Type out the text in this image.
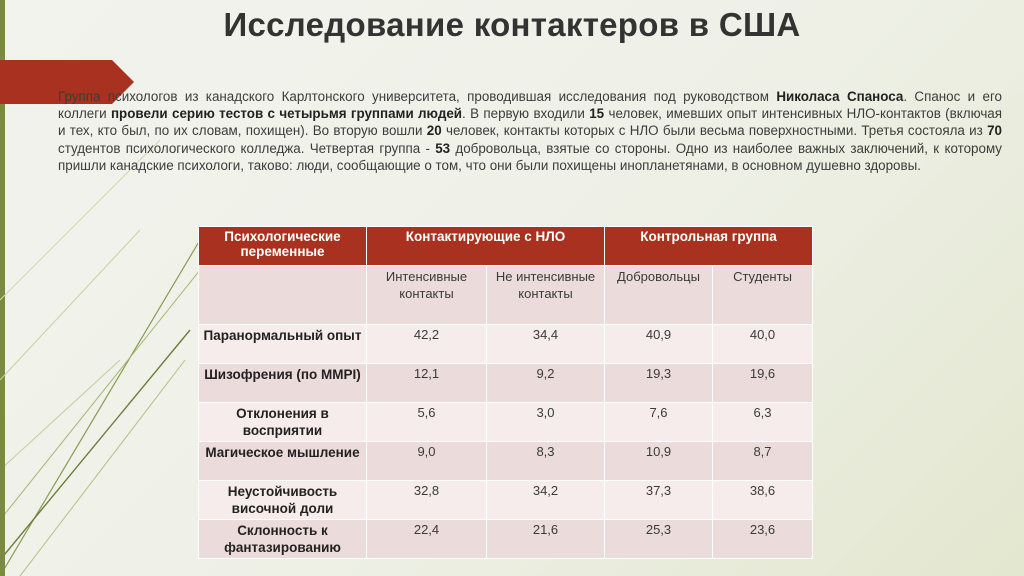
Исследование контактеров в США

Группа психологов из канадского Карлтонского университета, проводившая исследования под руководством Николаса Спаноса. Спанос и его коллеги провели серию тестов с четырьмя группами людей. В первую входили 15 человек, имевших опыт интенсивных НЛО-контактов (включая и тех, кто был, по их словам, похищен). Во вторую вошли 20 человек, контакты которых с НЛО были весьма поверхностными. Третья состояла из 70 студентов психологического колледжа. Четвертая группа - 53 добровольца, взятые со стороны. Одно из наиболее важных заключений, к которому пришли канадские психологи, таково: люди, сообщающие о том, что они были похищены инопланетянами, в основном душевно здоровы.

Психологические переменные	Контактирующие с НЛО		Контрольная группа	
	Интенсивные контакты	Не интенсивные контакты	Добровольцы	Студенты
Паранормальный опыт	42,2	34,4	40,9	40,0
Шизофрения (по MMPI)	12,1	9,2	19,3	19,6
Отклонения в восприятии	5,6	3,0	7,6	6,3
Магическое мышление	9,0	8,3	10,9	8,7
Неустойчивость височной доли	32,8	34,2	37,3	38,6
Склонность к фантазированию	22,4	21,6	25,3	23,6
